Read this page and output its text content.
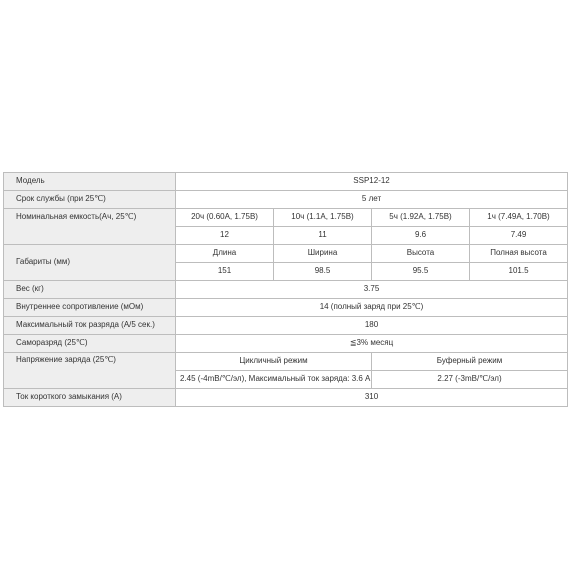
Модель	SSP12-12			
Срок службы (при 25℃)	5 лет			
Номинальная емкость(Ач, 25℃)	20ч (0.60A, 1.75В)	10ч (1.1A, 1.75В)	5ч (1.92A, 1.75В)	1ч (7.49A, 1.70В)
	12	11	9.6	7.49
Габариты (мм)	Длина	Ширина	Высота	Полная высота
	151	98.5	95.5	101.5
Вес (кг)	3.75			
Внутреннее сопротивление (мОм)	14 (полный заряд при 25℃)			
Максимальный ток разряда (А/5 сек.)	180			
Саморазряд (25℃)	≦3% месяц			
Напряжение заряда (25℃)	Цикличный режим		Буферный режим	
	2.45 (-4mB/℃/эл), Максимальный ток заряда: 3.6 А		2.27 (-3mB/℃/эл)	
Ток короткого замыкания (А)	310			
